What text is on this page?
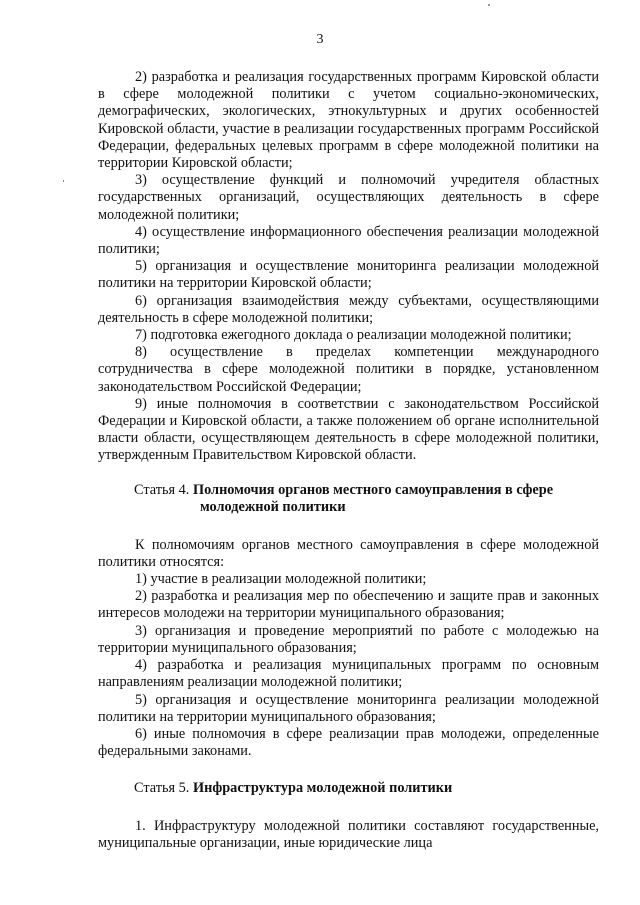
3

2) разработка и реализация государственных программ Кировской области в сфере молодежной политики с учетом социально-экономических, демографических, экологических, этнокультурных и других особенностей Кировской области, участие в реализации государственных программ Российской Федерации, федеральных целевых программ в сфере молодежной политики на территории Кировской области;

3) осуществление функций и полномочий учредителя областных государственных организаций, осуществляющих деятельность в сфере молодежной политики;

4) осуществление информационного обеспечения реализации молодежной политики;

5) организация и осуществление мониторинга реализации молодежной политики на территории Кировской области;

6) организация взаимодействия между субъектами, осуществляющими деятельность в сфере молодежной политики;

7) подготовка ежегодного доклада о реализации молодежной политики;

8) осуществление в пределах компетенции международного сотрудничества в сфере молодежной политики в порядке, установленном законодательством Российской Федерации;

9) иные полномочия в соответствии с законодательством Российской Федерации и Кировской области, а также положением об органе исполнительной власти области, осуществляющем деятельность в сфере молодежной политики, утвержденным Правительством Кировской области.

Статья 4. Полномочия органов местного самоуправления в сфере молодежной политики

К полномочиям органов местного самоуправления в сфере молодежной политики относятся:

1) участие в реализации молодежной политики;

2) разработка и реализация мер по обеспечению и защите прав и законных интересов молодежи на территории муниципального образования;

3) организация и проведение мероприятий по работе с молодежью на территории муниципального образования;

4) разработка и реализация муниципальных программ по основным направлениям реализации молодежной политики;

5) организация и осуществление мониторинга реализации молодежной политики на территории муниципального образования;

6) иные полномочия в сфере реализации прав молодежи, определенные федеральными законами.

Статья 5. Инфраструктура молодежной политики

1. Инфраструктуру молодежной политики составляют государственные, муниципальные организации, иные юридические лица
